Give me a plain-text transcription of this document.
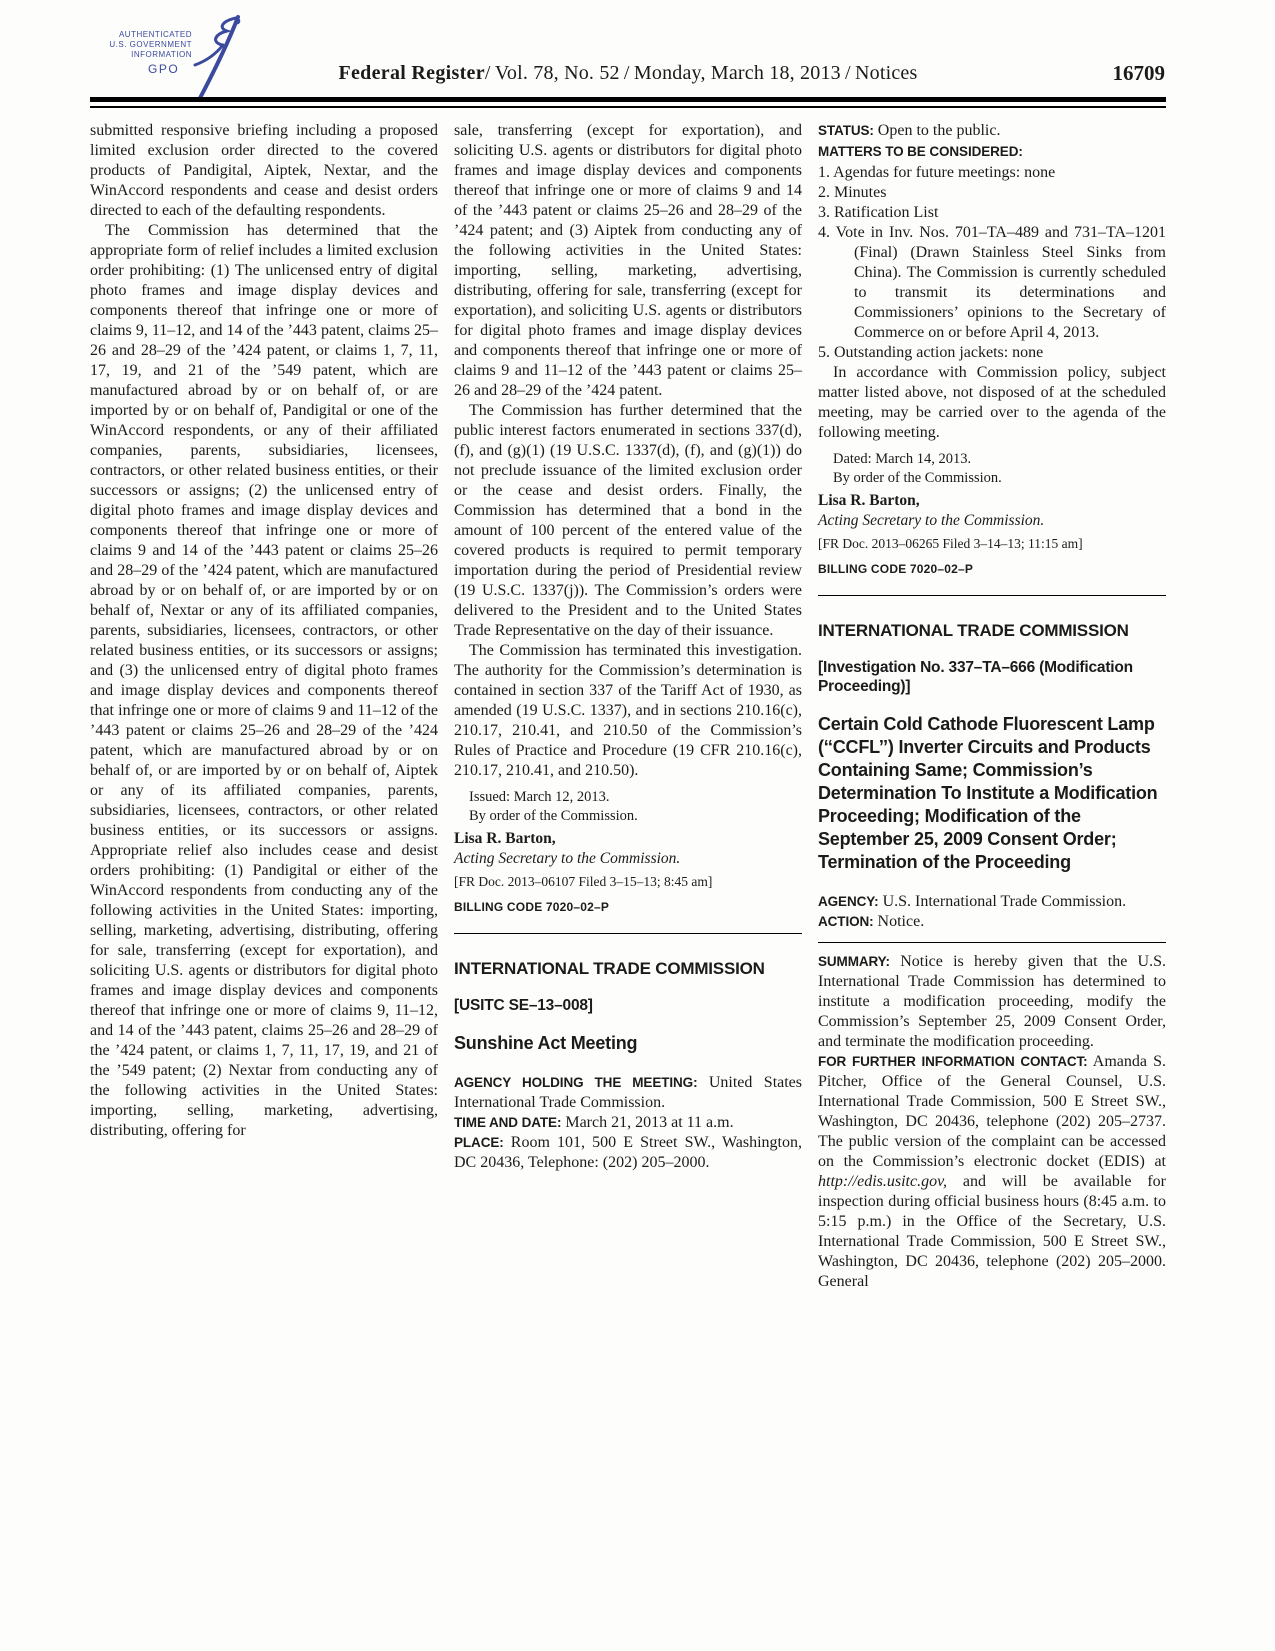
AUTHENTICATED
U.S. GOVERNMENT
INFORMATION
GPO	Federal Register/ Vol. 78, No. 52 / Monday, March 18, 2013 / Notices	16709

submitted responsive briefing including a proposed limited exclusion order directed to the covered products of Pandigital, Aiptek, Nextar, and the WinAccord respondents and cease and desist orders directed to each of the defaulting respondents.

The Commission has determined that the appropriate form of relief includes a limited exclusion order prohibiting: (1) The unlicensed entry of digital photo frames and image display devices and components thereof that infringe one or more of claims 9, 11–12, and 14 of the ’443 patent, claims 25–26 and 28–29 of the ’424 patent, or claims 1, 7, 11, 17, 19, and 21 of the ’549 patent, which are manufactured abroad by or on behalf of, or are imported by or on behalf of, Pandigital or one of the WinAccord respondents, or any of their affiliated companies, parents, subsidiaries, licensees, contractors, or other related business entities, or their successors or assigns; (2) the unlicensed entry of digital photo frames and image display devices and components thereof that infringe one or more of claims 9 and 14 of the ’443 patent or claims 25–26 and 28–29 of the ’424 patent, which are manufactured abroad by or on behalf of, or are imported by or on behalf of, Nextar or any of its affiliated companies, parents, subsidiaries, licensees, contractors, or other related business entities, or its successors or assigns; and (3) the unlicensed entry of digital photo frames and image display devices and components thereof that infringe one or more of claims 9 and 11–12 of the ’443 patent or claims 25–26 and 28–29 of the ’424 patent, which are manufactured abroad by or on behalf of, or are imported by or on behalf of, Aiptek or any of its affiliated companies, parents, subsidiaries, licensees, contractors, or other related business entities, or its successors or assigns. Appropriate relief also includes cease and desist orders prohibiting: (1) Pandigital or either of the WinAccord respondents from conducting any of the following activities in the United States: importing, selling, marketing, advertising, distributing, offering for sale, transferring (except for exportation), and soliciting U.S. agents or distributors for digital photo frames and image display devices and components thereof that infringe one or more of claims 9, 11–12, and 14 of the ’443 patent, claims 25–26 and 28–29 of the ’424 patent, or claims 1, 7, 11, 17, 19, and 21 of the ’549 patent; (2) Nextar from conducting any of the following activities in the United States: importing, selling, marketing, advertising, distributing, offering for

sale, transferring (except for exportation), and soliciting U.S. agents or distributors for digital photo frames and image display devices and components thereof that infringe one or more of claims 9 and 14 of the ’443 patent or claims 25–26 and 28–29 of the ’424 patent; and (3) Aiptek from conducting any of the following activities in the United States: importing, selling, marketing, advertising, distributing, offering for sale, transferring (except for exportation), and soliciting U.S. agents or distributors for digital photo frames and image display devices and components thereof that infringe one or more of claims 9 and 11–12 of the ’443 patent or claims 25–26 and 28–29 of the ’424 patent.

The Commission has further determined that the public interest factors enumerated in sections 337(d), (f), and (g)(1) (19 U.S.C. 1337(d), (f), and (g)(1)) do not preclude issuance of the limited exclusion order or the cease and desist orders. Finally, the Commission has determined that a bond in the amount of 100 percent of the entered value of the covered products is required to permit temporary importation during the period of Presidential review (19 U.S.C. 1337(j)). The Commission’s orders were delivered to the President and to the United States Trade Representative on the day of their issuance.

The Commission has terminated this investigation. The authority for the Commission’s determination is contained in section 337 of the Tariff Act of 1930, as amended (19 U.S.C. 1337), and in sections 210.16(c), 210.17, 210.41, and 210.50 of the Commission’s Rules of Practice and Procedure (19 CFR 210.16(c), 210.17, 210.41, and 210.50).

Issued: March 12, 2013.
By order of the Commission.
Lisa R. Barton,
Acting Secretary to the Commission.
[FR Doc. 2013–06107 Filed 3–15–13; 8:45 am]
BILLING CODE 7020–02–P
INTERNATIONAL TRADE COMMISSION
[USITC SE–13–008]
Sunshine Act Meeting

AGENCY HOLDING THE MEETING: United States International Trade Commission.

TIME AND DATE: March 21, 2013 at 11 a.m.

PLACE: Room 101, 500 E Street SW., Washington, DC 20436, Telephone: (202) 205–2000.

STATUS: Open to the public.

MATTERS TO BE CONSIDERED:
1. Agendas for future meetings: none
2. Minutes
3. Ratification List
4. Vote in Inv. Nos. 701–TA–489 and 731–TA–1201 (Final) (Drawn Stainless Steel Sinks from China). The Commission is currently scheduled to transmit its determinations and Commissioners’ opinions to the Secretary of Commerce on or before April 4, 2013.
5. Outstanding action jackets: none

In accordance with Commission policy, subject matter listed above, not disposed of at the scheduled meeting, may be carried over to the agenda of the following meeting.

Dated: March 14, 2013.
By order of the Commission.
Lisa R. Barton,
Acting Secretary to the Commission.
[FR Doc. 2013–06265 Filed 3–14–13; 11:15 am]
BILLING CODE 7020–02–P
INTERNATIONAL TRADE COMMISSION
[Investigation No. 337–TA–666 (Modification Proceeding)]
Certain Cold Cathode Fluorescent Lamp (‘‘CCFL’’) Inverter Circuits and Products Containing Same; Commission’s Determination To Institute a Modification Proceeding; Modification of the September 25, 2009 Consent Order; Termination of the Proceeding

AGENCY: U.S. International Trade Commission.

ACTION: Notice.

SUMMARY: Notice is hereby given that the U.S. International Trade Commission has determined to institute a modification proceeding, modify the Commission’s September 25, 2009 Consent Order, and terminate the modification proceeding.

FOR FURTHER INFORMATION CONTACT: Amanda S. Pitcher, Office of the General Counsel, U.S. International Trade Commission, 500 E Street SW., Washington, DC 20436, telephone (202) 205–2737. The public version of the complaint can be accessed on the Commission’s electronic docket (EDIS) at http://edis.usitc.gov, and will be available for inspection during official business hours (8:45 a.m. to 5:15 p.m.) in the Office of the Secretary, U.S. International Trade Commission, 500 E Street SW., Washington, DC 20436, telephone (202) 205–2000. General
